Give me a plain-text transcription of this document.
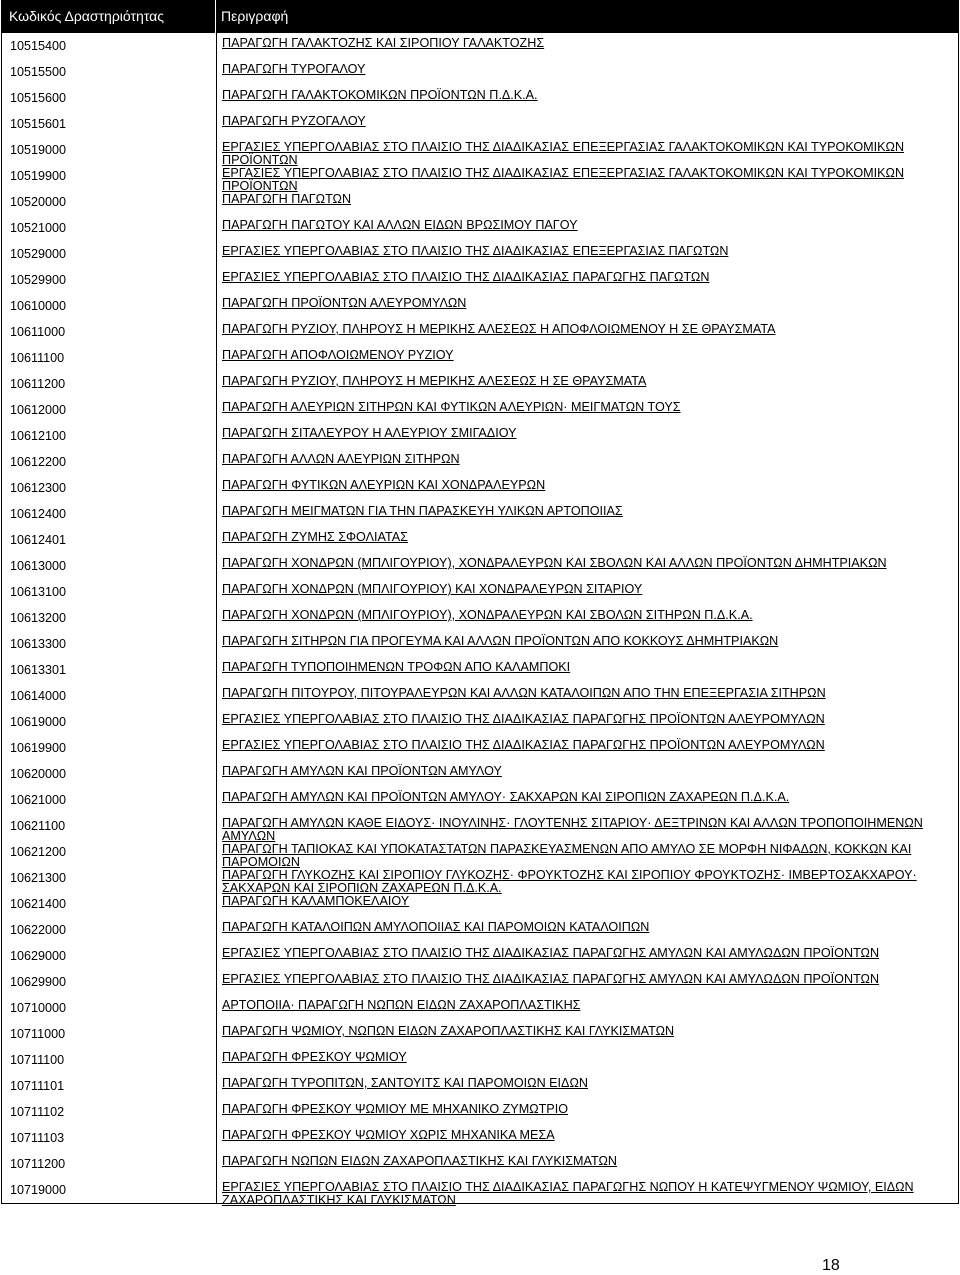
Κωδικός Δραστηριότητας	Περιγραφή
10515400	ΠΑΡΑΓΩΓΗ ΓΑΛΑΚΤΟΖΗΣ ΚΑΙ ΣΙΡΟΠΙΟΥ ΓΑΛΑΚΤΟΖΗΣ
10515500	ΠΑΡΑΓΩΓΗ ΤΥΡΟΓΑΛΟΥ
10515600	ΠΑΡΑΓΩΓΗ ΓΑΛΑΚΤΟΚΟΜΙΚΩΝ ΠΡΟΪΟΝΤΩΝ Π.Δ.Κ.Α.
10515601	ΠΑΡΑΓΩΓΗ ΡΥΖΟΓΑΛΟΥ
10519000	ΕΡΓΑΣΙΕΣ ΥΠΕΡΓΟΛΑΒΙΑΣ ΣΤΟ ΠΛΑΙΣΙΟ ΤΗΣ ΔΙΑΔΙΚΑΣΙΑΣ ΕΠΕΞΕΡΓΑΣΙΑΣ ΓΑΛΑΚΤΟΚΟΜΙΚΩΝ ΚΑΙ ΤΥΡΟΚΟΜΙΚΩΝ ΠΡΟΪΟΝΤΩΝ
10519900	ΕΡΓΑΣΙΕΣ ΥΠΕΡΓΟΛΑΒΙΑΣ ΣΤΟ ΠΛΑΙΣΙΟ ΤΗΣ ΔΙΑΔΙΚΑΣΙΑΣ ΕΠΕΞΕΡΓΑΣΙΑΣ ΓΑΛΑΚΤΟΚΟΜΙΚΩΝ ΚΑΙ ΤΥΡΟΚΟΜΙΚΩΝ ΠΡΟΪΟΝΤΩΝ
10520000	ΠΑΡΑΓΩΓΗ ΠΑΓΩΤΩΝ
10521000	ΠΑΡΑΓΩΓΗ ΠΑΓΩΤΟΥ ΚΑΙ ΑΛΛΩΝ ΕΙΔΩΝ ΒΡΩΣΙΜΟΥ ΠΑΓΟΥ
10529000	ΕΡΓΑΣΙΕΣ ΥΠΕΡΓΟΛΑΒΙΑΣ ΣΤΟ ΠΛΑΙΣΙΟ ΤΗΣ ΔΙΑΔΙΚΑΣΙΑΣ ΕΠΕΞΕΡΓΑΣΙΑΣ ΠΑΓΩΤΩΝ
10529900	ΕΡΓΑΣΙΕΣ ΥΠΕΡΓΟΛΑΒΙΑΣ ΣΤΟ ΠΛΑΙΣΙΟ ΤΗΣ ΔΙΑΔΙΚΑΣΙΑΣ ΠΑΡΑΓΩΓΗΣ ΠΑΓΩΤΩΝ
10610000	ΠΑΡΑΓΩΓΗ ΠΡΟΪΟΝΤΩΝ ΑΛΕΥΡΟΜΥΛΩΝ
10611000	ΠΑΡΑΓΩΓΗ ΡΥΖΙΟΥ, ΠΛΗΡΟΥΣ Η ΜΕΡΙΚΗΣ ΑΛΕΣΕΩΣ Η ΑΠΟΦΛΟΙΩΜΕΝΟΥ Η ΣΕ ΘΡΑΥΣΜΑΤΑ
10611100	ΠΑΡΑΓΩΓΗ ΑΠΟΦΛΟΙΩΜΕΝΟΥ ΡΥΖΙΟΥ
10611200	ΠΑΡΑΓΩΓΗ ΡΥΖΙΟΥ, ΠΛΗΡΟΥΣ Η ΜΕΡΙΚΗΣ ΑΛΕΣΕΩΣ Η ΣΕ ΘΡΑΥΣΜΑΤΑ
10612000	ΠΑΡΑΓΩΓΗ ΑΛΕΥΡΙΩΝ ΣΙΤΗΡΩΝ ΚΑΙ ΦΥΤΙΚΩΝ ΑΛΕΥΡΙΩΝ· ΜΕΙΓΜΑΤΩΝ ΤΟΥΣ
10612100	ΠΑΡΑΓΩΓΗ ΣΙΤΑΛΕΥΡΟΥ Η ΑΛΕΥΡΙΟΥ ΣΜΙΓΑΔΙΟΥ
10612200	ΠΑΡΑΓΩΓΗ ΑΛΛΩΝ ΑΛΕΥΡΙΩΝ ΣΙΤΗΡΩΝ
10612300	ΠΑΡΑΓΩΓΗ ΦΥΤΙΚΩΝ ΑΛΕΥΡΙΩΝ ΚΑΙ ΧΟΝΔΡΑΛΕΥΡΩΝ
10612400	ΠΑΡΑΓΩΓΗ ΜΕΙΓΜΑΤΩΝ ΓΙΑ ΤΗΝ ΠΑΡΑΣΚΕΥΗ ΥΛΙΚΩΝ ΑΡΤΟΠΟΙΙΑΣ
10612401	ΠΑΡΑΓΩΓΗ ΖΥΜΗΣ ΣΦΟΛΙΑΤΑΣ
10613000	ΠΑΡΑΓΩΓΗ ΧΟΝΔΡΩΝ (ΜΠΛΙΓΟΥΡΙΟΥ), ΧΟΝΔΡΑΛΕΥΡΩΝ ΚΑΙ ΣΒΟΛΩΝ ΚΑΙ ΑΛΛΩΝ ΠΡΟΪΟΝΤΩΝ ΔΗΜΗΤΡΙΑΚΩΝ
10613100	ΠΑΡΑΓΩΓΗ ΧΟΝΔΡΩΝ (ΜΠΛΙΓΟΥΡΙΟΥ) ΚΑΙ ΧΟΝΔΡΑΛΕΥΡΩΝ ΣΙΤΑΡΙΟΥ
10613200	ΠΑΡΑΓΩΓΗ ΧΟΝΔΡΩΝ (ΜΠΛΙΓΟΥΡΙΟΥ), ΧΟΝΔΡΑΛΕΥΡΩΝ ΚΑΙ ΣΒΟΛΩΝ ΣΙΤΗΡΩΝ Π.Δ.Κ.Α.
10613300	ΠΑΡΑΓΩΓΗ ΣΙΤΗΡΩΝ ΓΙΑ ΠΡΟΓΕΥΜΑ ΚΑΙ ΑΛΛΩΝ ΠΡΟΪΟΝΤΩΝ ΑΠΟ ΚΟΚΚΟΥΣ ΔΗΜΗΤΡΙΑΚΩΝ
10613301	ΠΑΡΑΓΩΓΗ ΤΥΠΟΠΟΙΗΜΕΝΩΝ ΤΡΟΦΩΝ ΑΠΟ ΚΑΛΑΜΠΟΚΙ
10614000	ΠΑΡΑΓΩΓΗ ΠΙΤΟΥΡΟΥ, ΠΙΤΟΥΡΑΛΕΥΡΩΝ ΚΑΙ ΑΛΛΩΝ ΚΑΤΑΛΟΙΠΩΝ ΑΠΟ ΤΗΝ ΕΠΕΞΕΡΓΑΣΙΑ ΣΙΤΗΡΩΝ
10619000	ΕΡΓΑΣΙΕΣ ΥΠΕΡΓΟΛΑΒΙΑΣ ΣΤΟ ΠΛΑΙΣΙΟ ΤΗΣ ΔΙΑΔΙΚΑΣΙΑΣ ΠΑΡΑΓΩΓΗΣ ΠΡΟΪΟΝΤΩΝ ΑΛΕΥΡΟΜΥΛΩΝ
10619900	ΕΡΓΑΣΙΕΣ ΥΠΕΡΓΟΛΑΒΙΑΣ ΣΤΟ ΠΛΑΙΣΙΟ ΤΗΣ ΔΙΑΔΙΚΑΣΙΑΣ ΠΑΡΑΓΩΓΗΣ ΠΡΟΪΟΝΤΩΝ ΑΛΕΥΡΟΜΥΛΩΝ
10620000	ΠΑΡΑΓΩΓΗ ΑΜΥΛΩΝ ΚΑΙ ΠΡΟΪΟΝΤΩΝ ΑΜΥΛΟΥ
10621000	ΠΑΡΑΓΩΓΗ ΑΜΥΛΩΝ ΚΑΙ ΠΡΟΪΟΝΤΩΝ ΑΜΥΛΟΥ· ΣΑΚΧΑΡΩΝ ΚΑΙ ΣΙΡΟΠΙΩΝ ΖΑΧΑΡΕΩΝ Π.Δ.Κ.Α.
10621100	ΠΑΡΑΓΩΓΗ ΑΜΥΛΩΝ ΚΑΘΕ ΕΙΔΟΥΣ· ΙΝΟΥΛΙΝΗΣ· ΓΛΟΥΤΕΝΗΣ ΣΙΤΑΡΙΟΥ· ΔΕΞΤΡΙΝΩΝ ΚΑΙ ΑΛΛΩΝ ΤΡΟΠΟΠΟΙΗΜΕΝΩΝ ΑΜΥΛΩΝ
10621200	ΠΑΡΑΓΩΓΗ ΤΑΠΙΟΚΑΣ ΚΑΙ ΥΠΟΚΑΤΑΣΤΑΤΩΝ ΠΑΡΑΣΚΕΥΑΣΜΕΝΩΝ ΑΠΟ ΑΜΥΛΟ ΣΕ ΜΟΡΦΗ ΝΙΦΑΔΩΝ, ΚΟΚΚΩΝ ΚΑΙ ΠΑΡΟΜΟΙΩΝ
10621300	ΠΑΡΑΓΩΓΗ ΓΛΥΚΟΖΗΣ ΚΑΙ ΣΙΡΟΠΙΟΥ ΓΛΥΚΟΖΗΣ· ΦΡΟΥΚΤΟΖΗΣ ΚΑΙ ΣΙΡΟΠΙΟΥ ΦΡΟΥΚΤΟΖΗΣ· ΙΜΒΕΡΤΟΣΑΚΧΑΡΟΥ· ΣΑΚΧΑΡΩΝ ΚΑΙ ΣΙΡΟΠΙΩΝ ΖΑΧΑΡΕΩΝ Π.Δ.Κ.Α.
10621400	ΠΑΡΑΓΩΓΗ ΚΑΛΑΜΠΟΚΕΛΑΙΟΥ
10622000	ΠΑΡΑΓΩΓΗ ΚΑΤΑΛΟΙΠΩΝ ΑΜΥΛΟΠΟΙΙΑΣ ΚΑΙ ΠΑΡΟΜΟΙΩΝ ΚΑΤΑΛΟΙΠΩΝ
10629000	ΕΡΓΑΣΙΕΣ ΥΠΕΡΓΟΛΑΒΙΑΣ ΣΤΟ ΠΛΑΙΣΙΟ ΤΗΣ ΔΙΑΔΙΚΑΣΙΑΣ ΠΑΡΑΓΩΓΗΣ ΑΜΥΛΩΝ ΚΑΙ ΑΜΥΛΩΔΩΝ ΠΡΟΪΟΝΤΩΝ
10629900	ΕΡΓΑΣΙΕΣ ΥΠΕΡΓΟΛΑΒΙΑΣ ΣΤΟ ΠΛΑΙΣΙΟ ΤΗΣ ΔΙΑΔΙΚΑΣΙΑΣ ΠΑΡΑΓΩΓΗΣ ΑΜΥΛΩΝ ΚΑΙ ΑΜΥΛΩΔΩΝ ΠΡΟΪΟΝΤΩΝ
10710000	ΑΡΤΟΠΟΙΙΑ· ΠΑΡΑΓΩΓΗ ΝΩΠΩΝ ΕΙΔΩΝ ΖΑΧΑΡΟΠΛΑΣΤΙΚΗΣ
10711000	ΠΑΡΑΓΩΓΗ ΨΩΜΙΟΥ, ΝΩΠΩΝ ΕΙΔΩΝ ΖΑΧΑΡΟΠΛΑΣΤΙΚΗΣ ΚΑΙ ΓΛΥΚΙΣΜΑΤΩΝ
10711100	ΠΑΡΑΓΩΓΗ ΦΡΕΣΚΟΥ ΨΩΜΙΟΥ
10711101	ΠΑΡΑΓΩΓΗ ΤΥΡΟΠΙΤΩΝ, ΣΑΝΤΟΥΙΤΣ ΚΑΙ ΠΑΡΟΜΟΙΩΝ ΕΙΔΩΝ
10711102	ΠΑΡΑΓΩΓΗ ΦΡΕΣΚΟΥ ΨΩΜΙΟΥ ΜΕ ΜΗΧΑΝΙΚΟ ΖΥΜΩΤΡΙΟ
10711103	ΠΑΡΑΓΩΓΗ ΦΡΕΣΚΟΥ ΨΩΜΙΟΥ ΧΩΡΙΣ ΜΗΧΑΝΙΚΑ ΜΕΣΑ
10711200	ΠΑΡΑΓΩΓΗ ΝΩΠΩΝ ΕΙΔΩΝ ΖΑΧΑΡΟΠΛΑΣΤΙΚΗΣ ΚΑΙ ΓΛΥΚΙΣΜΑΤΩΝ
10719000	ΕΡΓΑΣΙΕΣ ΥΠΕΡΓΟΛΑΒΙΑΣ ΣΤΟ ΠΛΑΙΣΙΟ ΤΗΣ ΔΙΑΔΙΚΑΣΙΑΣ ΠΑΡΑΓΩΓΗΣ ΝΩΠΟΥ Η ΚΑΤΕΨΥΓΜΕΝΟΥ ΨΩΜΙΟΥ, ΕΙΔΩΝ ΖΑΧΑΡΟΠΛΑΣΤΙΚΗΣ ΚΑΙ ΓΛΥΚΙΣΜΑΤΩΝ
18
